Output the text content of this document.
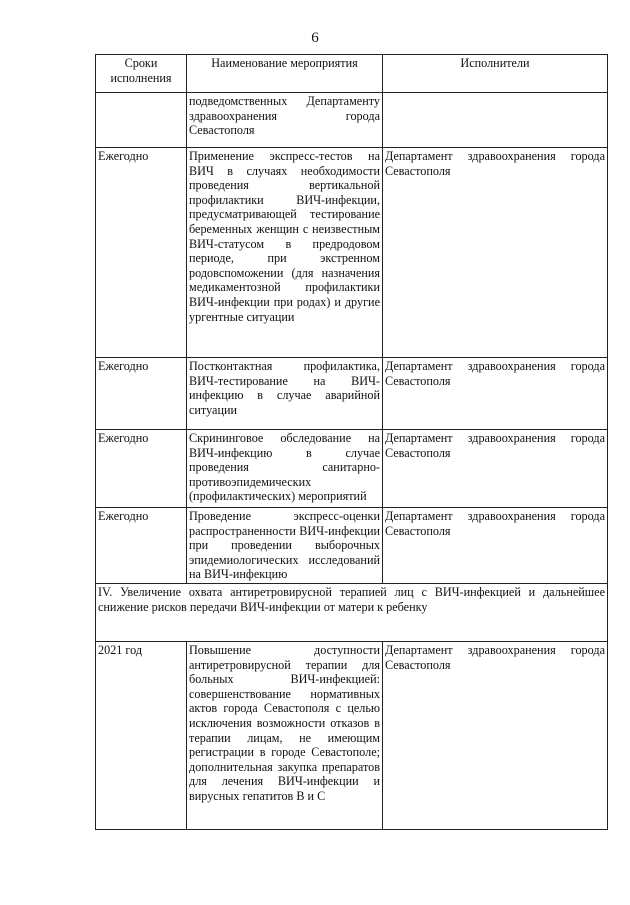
6
Сроки исполнения	Наименование мероприятия	Исполнители
	подведомственных Департаменту здравоохранения города Севастополя	
Ежегодно	Применение экспресс-тестов на ВИЧ в случаях необходимости проведения вертикальной профилактики ВИЧ-инфекции, предусматривающей тестирование беременных женщин с неизвестным ВИЧ-статусом в предродовом периоде, при экстренном родовспоможении (для назначения медикаментозной профилактики ВИЧ-инфекции при родах) и другие ургентные ситуации	Департамент здравоохранения города Севастополя
Ежегодно	Постконтактная профилактика, ВИЧ-тестирование на ВИЧ-инфекцию в случае аварийной ситуации	Департамент здравоохранения города Севастополя
Ежегодно	Скрининговое обследование на ВИЧ-инфекцию в случае проведения санитарно-противоэпидемических (профилактических) мероприятий	Департамент здравоохранения города Севастополя
Ежегодно	Проведение экспресс-оценки распространенности ВИЧ-инфекции при проведении выборочных эпидемиологических исследований на ВИЧ-инфекцию	Департамент здравоохранения города Севастополя
IV. Увеличение охвата антиретровирусной терапией лиц с ВИЧ-инфекцией и дальнейшее снижение рисков передачи ВИЧ-инфекции от матери к ребенку		
2021 год	Повышение доступности антиретровирусной терапии для больных ВИЧ-инфекцией: совершенствование нормативных актов города Севастополя с целью исключения возможности отказов в терапии лицам, не имеющим регистрации в городе Севастополе; дополнительная закупка препаратов для лечения ВИЧ-инфекции и вирусных гепатитов В и С	Департамент здравоохранения города Севастополя
